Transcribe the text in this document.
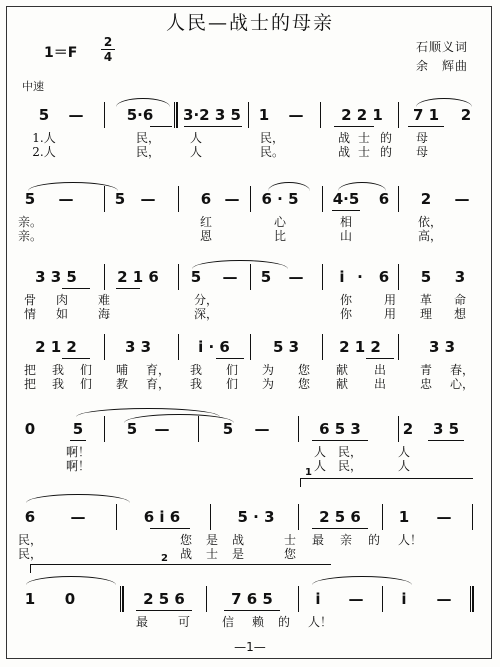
人民—战士的母亲
1＝F
2
4
石顺义词
余　辉曲
中速
5	—	5·6	3·2 3 5	1	—	2 2 1	7 1	2
1.人	民， 人	民，	战 士 的 母
2.人	民， 人	民。	战 士 的 母
5	—	5	—	6 —	6 · 5	4·5	6	2	—
亲。	红	心	相	依，
亲。	恩	比	山	高，
3 3 5	2 1 6	5	—	5	—	i ·	6	5	3
骨 肉 难	分，	你	用 革 命
情 如 海	深，	你	用 理 想
2 1 2	3 3	i · 6	5 3	2 1 2	3 3
把 我 们 哺 育， 我 们 为 您 献 出	青 春，
把 我 们 教 育， 我 们 为 您 献 出	忠 心，
0	5	5	—	5	—	6 5 3	2	3 5
啊！	人 民，	人
啊！	人 民，	人
1
6	—	6 i 6	5 · 3	2 5 6	1	—
民，	您 是 战	士 最 亲 的 人！
民，	战 士 是	您
1	0	2 5 6	7 6 5	i	—	i	—
最 可	信 赖 的 人！
2
—1—
